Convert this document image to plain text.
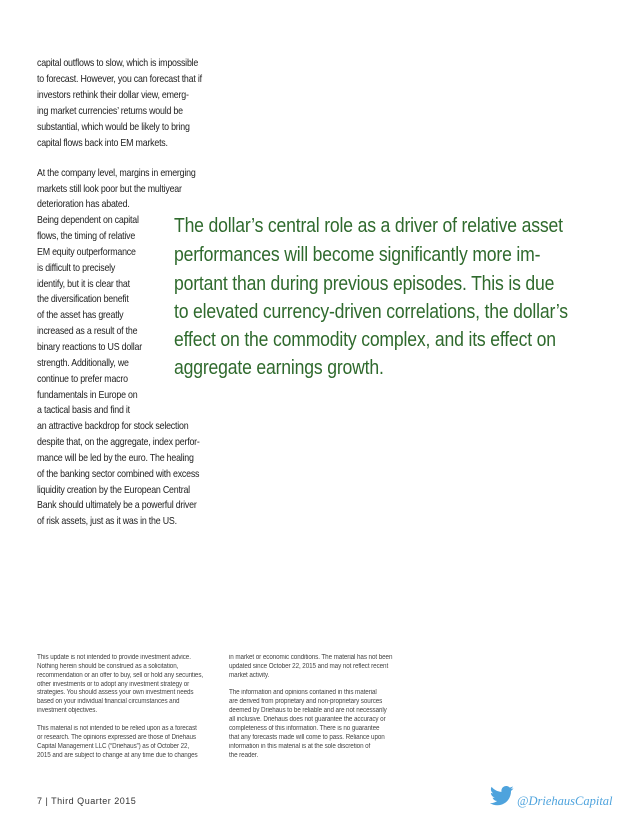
capital outflows to slow, which is impossible
to forecast. However, you can forecast that if
investors rethink their dollar view, emerg-
ing market currencies’ returns would be
substantial, which would be likely to bring
capital flows back into EM markets.
At the company level, margins in emerging
markets still look poor but the multiyear
deterioration has abated.
Being dependent on capital
flows, the timing of relative
EM equity outperformance
is difficult to precisely
identify, but it is clear that
the diversification benefit
of the asset has greatly
increased as a result of the
binary reactions to US dollar
strength. Additionally, we
continue to prefer macro
fundamentals in Europe on
a tactical basis and find it
an attractive backdrop for stock selection
despite that, on the aggregate, index perfor-
mance will be led by the euro. The healing
of the banking sector combined with excess
liquidity creation by the European Central
Bank should ultimately be a powerful driver
of risk assets, just as it was in the US.
The dollar’s central role as a driver of relative asset
performances will become significantly more im-
portant than during previous episodes. This is due
to elevated currency-driven correlations, the dollar’s
effect on the commodity complex, and its effect on
aggregate earnings growth.
This update is not intended to provide investment advice.
Nothing herein should be construed as a solicitation,
recommendation or an offer to buy, sell or hold any securities,
other investments or to adopt any investment strategy or
strategies. You should assess your own investment needs
based on your individual financial circumstances and
investment objectives.
This material is not intended to be relied upon as a forecast
or research. The opinions expressed are those of Driehaus
Capital Management LLC (“Driehaus”) as of October 22,
2015 and are subject to change at any time due to changes
in market or economic conditions. The material has not been
updated since October 22, 2015 and may not reflect recent
market activity.
The information and opinions contained in this material
are derived from proprietary and non-proprietary sources
deemed by Driehaus to be reliable and are not necessarily
all inclusive. Driehaus does not guarantee the accuracy or
completeness of this information. There is no guarantee
that any forecasts made will come to pass. Reliance upon
information in this material is at the sole discretion of
the reader.
7 | Third Quarter 2015	@DriehausCapital
